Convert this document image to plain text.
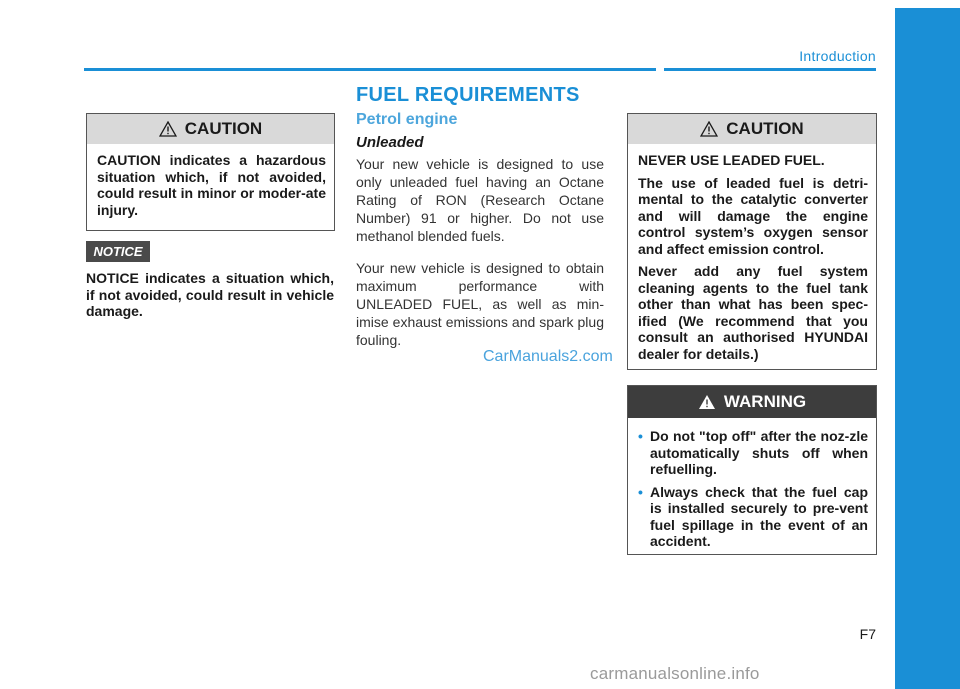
Introduction
CAUTION

CAUTION indicates a hazardous situation which, if not avoided, could result in minor or moder-ate injury.

NOTICE
NOTICE indicates a situation which, if not avoided, could result in vehicle damage.
FUEL REQUIREMENTS
Petrol engine
Unleaded
Your new vehicle is designed to use only unleaded fuel having an Octane Rating of RON (Research Octane Number) 91 or higher. Do not use methanol blended fuels.
Your new vehicle is designed to obtain maximum performance with UNLEADED FUEL, as well as min-imise exhaust emissions and spark plug fouling.
CarManuals2.com
CAUTION

NEVER USE LEADED FUEL.

The use of leaded fuel is detri-mental to the catalytic converter and will damage the engine control system’s oxygen sensor and affect emission control.

Never add any fuel system cleaning agents to the fuel tank other than what has been spec-ified (We recommend that you consult an authorised HYUNDAI dealer for details.)

WARNING
• Do not "top off" after the noz-zle automatically shuts off when refuelling.
• Always check that the fuel cap is installed securely to pre-vent fuel spillage in the event of an accident.
F7
carmanualsonline.info
